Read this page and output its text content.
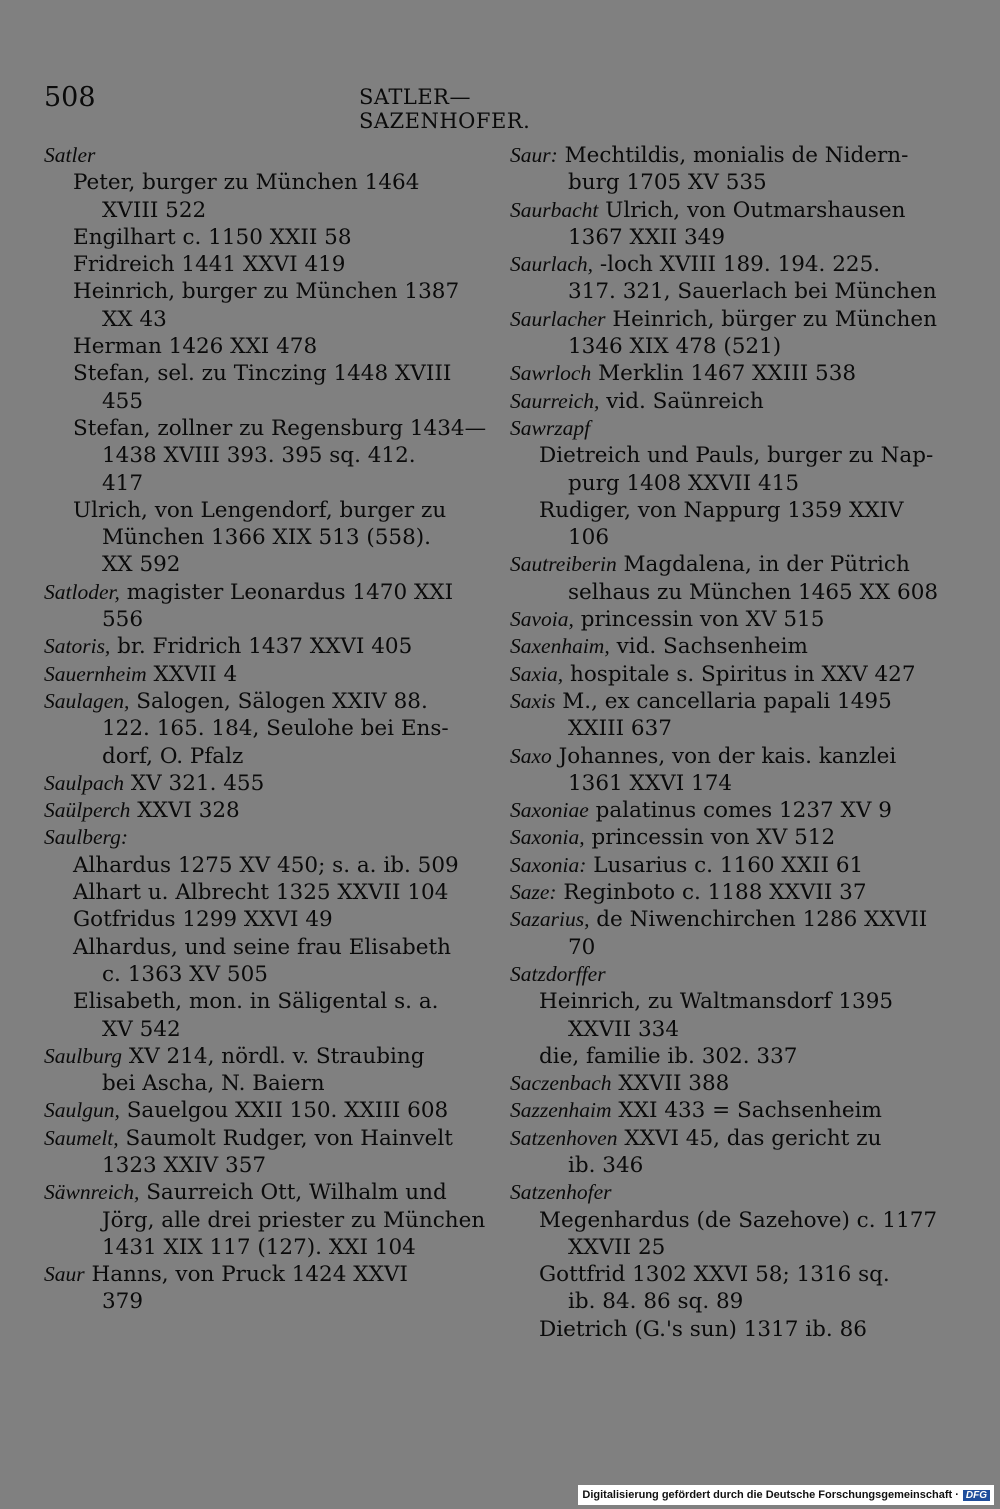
508	SATLER—SAZENHOFER.
Satler
Peter, burger zu München 1464
XVIII 522
Engilhart c. 1150 XXII 58
Fridreich 1441 XXVI 419
Heinrich, burger zu München 1387
XX 43
Herman 1426 XXI 478
Stefan, sel. zu Tinczing 1448 XVIII
455
Stefan, zollner zu Regensburg 1434—
1438 XVIII 393. 395 sq. 412.
417
Ulrich, von Lengendorf, burger zu
München 1366 XIX 513 (558).
XX 592
Satloder, magister Leonardus 1470 XXI
556
Satoris, br. Fridrich 1437 XXVI 405
Sauernheim XXVII 4
Saulagen, Salogen, Sälogen XXIV 88.
122. 165. 184, Seulohe bei Ens-
dorf, O. Pfalz
Saulpach XV 321. 455
Saülperch XXVI 328
Saulberg:
Alhardus 1275 XV 450; s. a. ib. 509
Alhart u. Albrecht 1325 XXVII 104
Gotfridus 1299 XXVI 49
Alhardus, und seine frau Elisabeth
c. 1363 XV 505
Elisabeth, mon. in Säligental s. a.
XV 542
Saulburg XV 214, nördl. v. Straubing
bei Ascha, N. Baiern
Saulgun, Sauelgou XXII 150. XXIII 608
Saumelt, Saumolt Rudger, von Hainvelt
1323 XXIV 357
Säwnreich, Saurreich Ott, Wilhalm und
Jörg, alle drei priester zu München
1431 XIX 117 (127). XXI 104
Saur Hanns, von Pruck 1424 XXVI
379
Saur: Mechtildis, monialis de Nidern-
burg 1705 XV 535
Saurbacht Ulrich, von Outmarshausen
1367 XXII 349
Saurlach, -loch XVIII 189. 194. 225.
317. 321, Sauerlach bei München
Saurlacher Heinrich, bürger zu München
1346 XIX 478 (521)
Sawrloch Merklin 1467 XXIII 538
Saurreich, vid. Saünreich
Sawrzapf
Dietreich und Pauls, burger zu Nap-
purg 1408 XXVII 415
Rudiger, von Nappurg 1359 XXIV
106
Sautreiberin Magdalena, in der Pütrich
selhaus zu München 1465 XX 608
Savoia, princessin von XV 515
Saxenhaim, vid. Sachsenheim
Saxia, hospitale s. Spiritus in XXV 427
Saxis M., ex cancellaria papali 1495
XXIII 637
Saxo Johannes, von der kais. kanzlei
1361 XXVI 174
Saxoniae palatinus comes 1237 XV 9
Saxonia, princessin von XV 512
Saxonia: Lusarius c. 1160 XXII 61
Saze: Reginboto c. 1188 XXVII 37
Sazarius, de Niwenchirchen 1286 XXVII
70
Satzdorffer
Heinrich, zu Waltmansdorf 1395
XXVII 334
die, familie ib. 302. 337
Saczenbach XXVII 388
Sazzenhaim XXI 433 = Sachsenheim
Satzenhoven XXVI 45, das gericht zu
ib. 346
Satzenhofer
Megenhardus (de Sazehove) c. 1177
XXVII 25
Gottfrid 1302 XXVI 58; 1316 sq.
ib. 84. 86 sq. 89
Dietrich (G.'s sun) 1317 ib. 86
Digitalisierung gefördert durch die Deutsche Forschungsgemeinschaft · DFG
